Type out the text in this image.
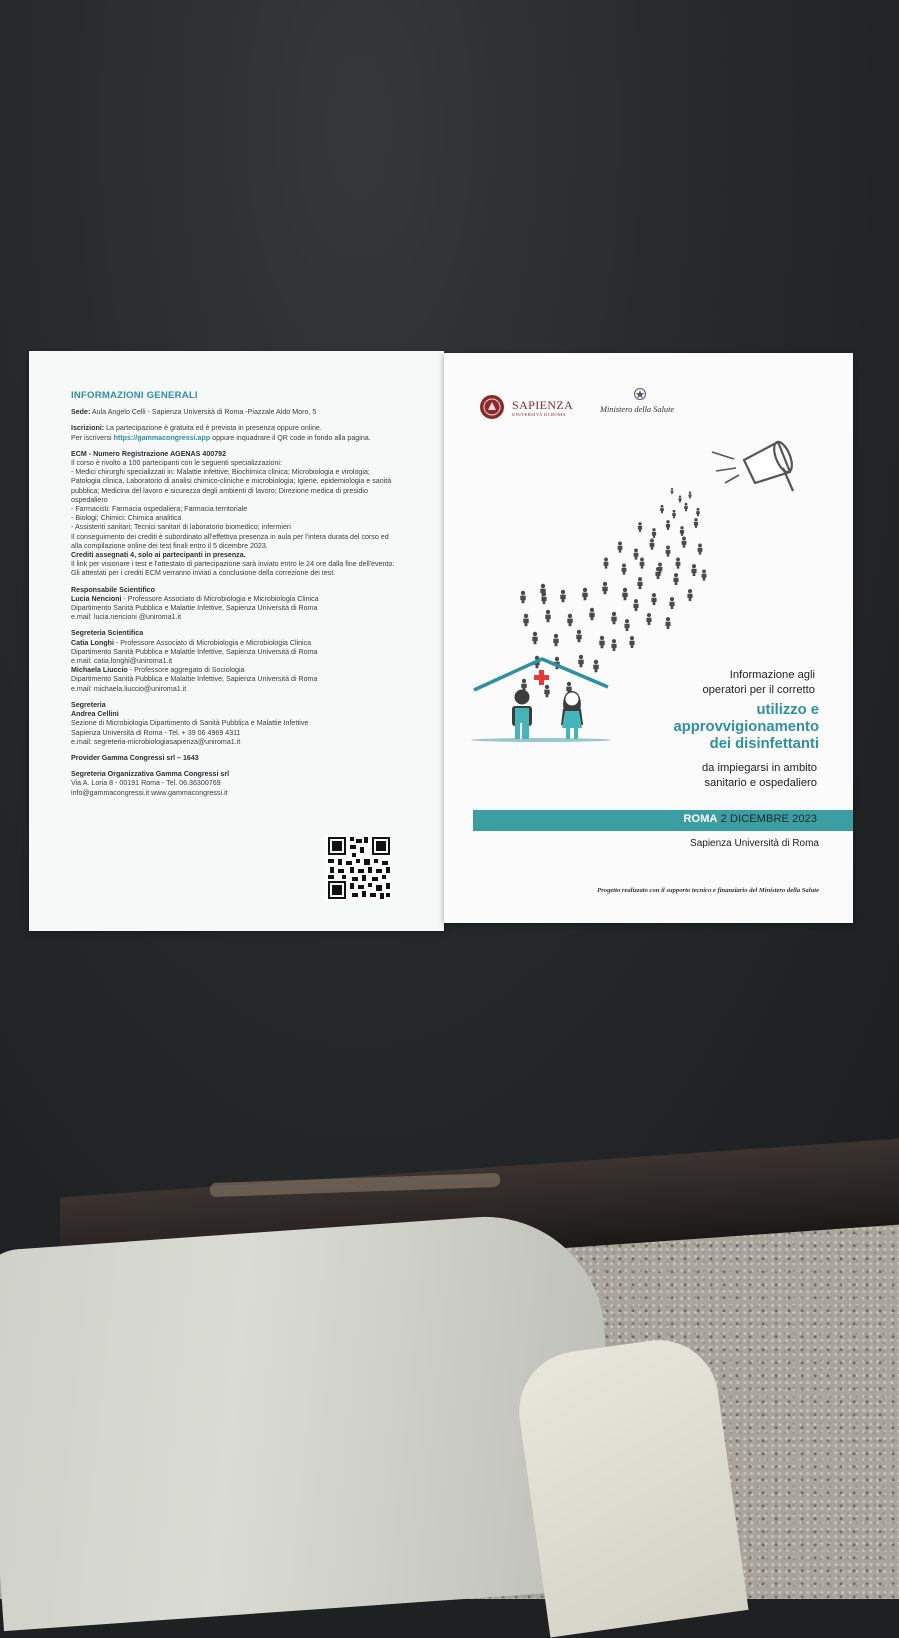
INFORMAZIONI GENERALI

Sede: Aula Angelo Celli - Sapienza Università di Roma -Piazzale Aldo Moro, 5

Iscrizioni: La partecipazione è gratuita ed è prevista in presenza oppure online.

Per iscriversi https://gammacongressi.app oppure inquadrare il QR code in fondo alla pagina.

ECM - Numero Registrazione AGENAS 400792

Il corso è rivolto a 100 partecipanti con le seguenti specializzazioni:

- Medici chirurghi specializzati in: Malattie infettive; Biochimica clinica; Microbiologia e virologia; Patologia clinica, Laboratorio di analisi chimico-cliniche e microbiologia; Igiene, epidemiologia e sanità pubblica; Medicina del lavoro e sicurezza degli ambienti di lavoro; Direzione medica di presidio ospedaliero

- Farmacisti: Farmacia ospedaliera; Farmacia territoriale

- Biologi; Chimici: Chimica analitica

- Assistenti sanitari; Tecnici sanitari di laboratorio biomedico; infermieri

Il conseguimento dei crediti è subordinato all'effettiva presenza in aula per l'intera durata del corso ed alla compilazione online dei test finali entro il 5 dicembre 2023.

Crediti assegnati 4, solo ai partecipanti in presenza.

Il link per visionare i test e l'attestato di partecipazione sarà inviato entro le 24 ore dalla fine dell'evento.

Gli attestati per i crediti ECM verranno inviati a conclusione della correzione dei test.

Responsabile Scientifico

Lucia Nencioni - Professore Associato di Microbiologia e Microbiologia Clinica

Dipartimento Sanità Pubblica e Malattie Infettive, Sapienza Università di Roma

e.mail: lucia.nencioni @uniroma1.it

Segreteria Scientifica

Catia Longhi - Professore Associato di Microbiologia e Microbiologia Clinica

Dipartimento Sanità Pubblica e Malattie Infettive, Sapienza Università di Roma

e.mail: catia.longhi@uniroma1.it

Michaela Liuccio - Professore aggregato di Sociologia

Dipartimento Sanità Pubblica e Malattie Infettive, Sapienza Università di Roma

e.mail: michaela.liuccio@uniroma1.it

Segreteria

Andrea Cellini

Sezione di Microbiologia Dipartimento di Sanità Pubblica e Malattie Infettive

Sapienza Università di Roma - Tel. + 39 06 4969 4311

e.mail: segreteria-microbiologiasapienza@uniroma1.it

Provider Gamma Congressi srl – 1643

Segreteria Organizzativa Gamma Congressi srl

Via A. Loria 8 - 00191 Roma - Tel. 06.36300769

info@gammacongressi.it www.gammacongressi.it

SAPIENZA
UNIVERSITÀ DI ROMA
Ministero della Salute
Informazione agli
operatori per il corretto
utilizzo e
approvvigionamento
dei disinfettanti
da impiegarsi in ambito
sanitario e ospedaliero
ROMA 2 DICEMBRE 2023
Sapienza Università di Roma
Progetto realizzato con il supporto tecnico e finanziario del Ministero della Salute
